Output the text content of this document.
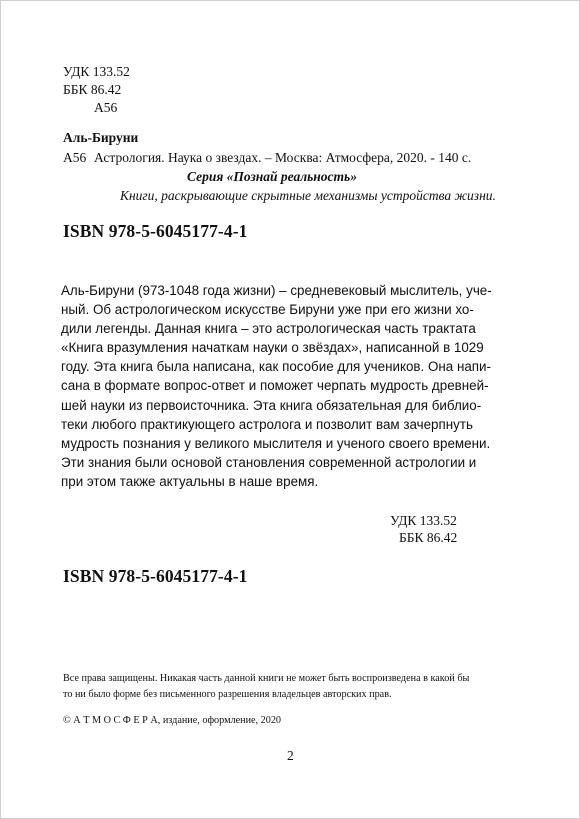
УДК 133.52
ББК 86.42
А56
Аль-Бируни
А56 Астрология. Наука о звездах. – Москва: Атмосфера, 2020. - 140 с.
Серия «Познай реальность»
Книги, раскрывающие скрытные механизмы устройства жизни.
ISBN 978-5-6045177-4-1
Аль-Бируни (973-1048 года жизни) – средневековый мыслитель, уче-
ный. Об астрологическом искусстве Бируни уже при его жизни хо-
дили легенды. Данная книга – это астрологическая часть трактата
«Книга вразумления начаткам науки о звёздах», написанной в 1029
году. Эта книга была написана, как пособие для учеников. Она напи-
сана в формате вопрос-ответ и поможет черпать мудрость древней-
шей науки из первоисточника. Эта книга обязательная для библио-
теки любого практикующего астролога и позволит вам зачерпнуть
мудрость познания у великого мыслителя и ученого своего времени.
Эти знания были основой становления современной астрологии и
при этом также актуальны в наше время.
УДК 133.52
ББК 86.42
ISBN 978-5-6045177-4-1
Все права защищены. Никакая часть данной книги не может быть воспроизведена в какой бы
то ни было форме без письменного разрешения владельцев авторских прав.
© А Т М О С Ф Е Р А, издание, оформление, 2020
2
